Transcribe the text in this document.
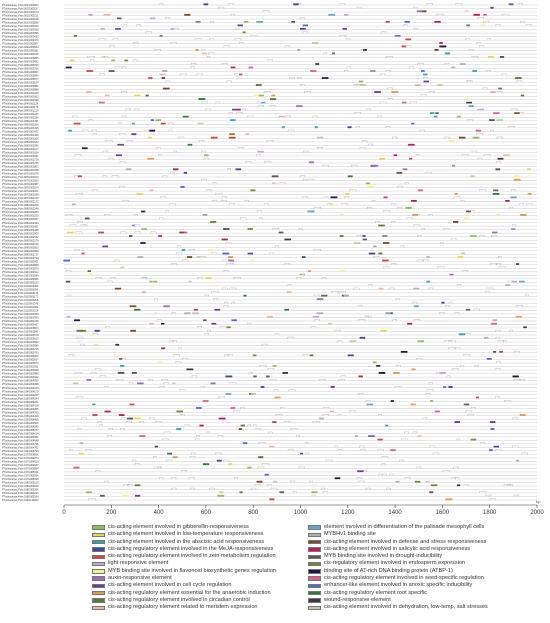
PTrichocarpa_Potri.001G000100
PTrichocarpa_Potri.001G000137
PTrichocarpa_Potri.001G000174
PTrichocarpa_Potri.001G000211
PTrichocarpa_Potri.001G000248
PTrichocarpa_Potri.001G000285
PTrichocarpa_Potri.001G000322
PTrichocarpa_Potri.001G000359
PTrichocarpa_Potri.002G000396
PTrichocarpa_Potri.002G000433
PTrichocarpa_Potri.002G000470
PTrichocarpa_Potri.002G000507
PTrichocarpa_Potri.002G000544
PTrichocarpa_Potri.002G000581
PTrichocarpa_Potri.002G000618
PTrichocarpa_Potri.002G000655
PTrichocarpa_Potri.003G000692
PTrichocarpa_Potri.003G000729
PTrichocarpa_Potri.003G000766
PTrichocarpa_Potri.003G000803
PTrichocarpa_Potri.003G000840
PTrichocarpa_Potri.003G000877
PTrichocarpa_Potri.003G000914
PTrichocarpa_Potri.003G000951
PTrichocarpa_Potri.004G000988
PTrichocarpa_Potri.004G001025
PTrichocarpa_Potri.004G001062
PTrichocarpa_Potri.004G001099
PTrichocarpa_Potri.004G001136
PTrichocarpa_Potri.004G001173
PTrichocarpa_Potri.004G001210
PTrichocarpa_Potri.004G001247
PTrichocarpa_Potri.005G001284
PTrichocarpa_Potri.005G001321
PTrichocarpa_Potri.005G001358
PTrichocarpa_Potri.005G001395
PTrichocarpa_Potri.005G001432
PTrichocarpa_Potri.005G001469
PTrichocarpa_Potri.005G001506
PTrichocarpa_Potri.005G001543
PTrichocarpa_Potri.006G001580
PTrichocarpa_Potri.006G001617
PTrichocarpa_Potri.006G001654
PTrichocarpa_Potri.006G001691
PTrichocarpa_Potri.006G001728
PTrichocarpa_Potri.006G001765
PTrichocarpa_Potri.006G001802
PTrichocarpa_Potri.006G001839
PTrichocarpa_Potri.007G001876
PTrichocarpa_Potri.007G001913
PTrichocarpa_Potri.007G001950
PTrichocarpa_Potri.007G001987
PTrichocarpa_Potri.007G002024
PTrichocarpa_Potri.007G002061
PTrichocarpa_Potri.007G002098
PTrichocarpa_Potri.007G002135
PTrichocarpa_Potri.008G002172
PTrichocarpa_Potri.008G002209
PTrichocarpa_Potri.008G002246
PTrichocarpa_Potri.008G002283
PTrichocarpa_Potri.008G002320
PTrichocarpa_Potri.008G002357
PTrichocarpa_Potri.008G002394
PTrichocarpa_Potri.008G002431
PTrichocarpa_Potri.009G002468
PTrichocarpa_Potri.009G002505
PTrichocarpa_Potri.009G002542
PTrichocarpa_Potri.009G002579
PTrichocarpa_Potri.009G002616
PTrichocarpa_Potri.009G002653
PTrichocarpa_Potri.009G002690
PTrichocarpa_Potri.009G002727
PTrichocarpa_Potri.010G002764
PTrichocarpa_Potri.010G002801
PTrichocarpa_Potri.010G002838
PTrichocarpa_Potri.010G002875
PTrichocarpa_Potri.010G002912
PTrichocarpa_Potri.010G002949
PTrichocarpa_Potri.010G002986
PTrichocarpa_Potri.010G003023
PTrichocarpa_Potri.011G003060
PTrichocarpa_Potri.011G003097
PTrichocarpa_Potri.011G003134
PTrichocarpa_Potri.011G003171
PTrichocarpa_Potri.011G003208
PTrichocarpa_Potri.011G003245
PTrichocarpa_Potri.011G003282
PTrichocarpa_Potri.011G003319
PTrichocarpa_Potri.012G003356
PTrichocarpa_Potri.012G003393
PTrichocarpa_Potri.012G003430
PTrichocarpa_Potri.012G003467
PTrichocarpa_Potri.012G003504
PTrichocarpa_Potri.012G003541
PTrichocarpa_Potri.012G003578
PTrichocarpa_Potri.012G003615
PTrichocarpa_Potri.013G003652
PTrichocarpa_Potri.013G003689
PTrichocarpa_Potri.013G003726
PTrichocarpa_Potri.013G003763
PTrichocarpa_Potri.013G003800
PTrichocarpa_Potri.013G003837
PTrichocarpa_Potri.013G003874
PTrichocarpa_Potri.013G003911
PTrichocarpa_Potri.014G003948
PTrichocarpa_Potri.014G003985
PTrichocarpa_Potri.014G004022
PTrichocarpa_Potri.014G004059
PTrichocarpa_Potri.014G004096
PTrichocarpa_Potri.014G004133
PTrichocarpa_Potri.014G004170
PTrichocarpa_Potri.014G004207
PTrichocarpa_Potri.015G004244
PTrichocarpa_Potri.015G004281
PTrichocarpa_Potri.015G004318
PTrichocarpa_Potri.015G004355
PTrichocarpa_Potri.015G004392
PTrichocarpa_Potri.015G004429
PTrichocarpa_Potri.015G004466
PTrichocarpa_Potri.015G004503
PTrichocarpa_Potri.016G004540
PTrichocarpa_Potri.016G004577
PTrichocarpa_Potri.016G004614
PTrichocarpa_Potri.016G004651
PTrichocarpa_Potri.016G004688
PTrichocarpa_Potri.016G004725
PTrichocarpa_Potri.016G004762
PTrichocarpa_Potri.016G004799
PTrichocarpa_Potri.017G004836
PTrichocarpa_Potri.017G004873
PTrichocarpa_Potri.017G004910
PTrichocarpa_Potri.017G004947
PTrichocarpa_Potri.017G004984
PTrichocarpa_Potri.017G005021
PTrichocarpa_Potri.017G005058
PTrichocarpa_Potri.017G005095
PTrichocarpa_Potri.018G005132
PTrichocarpa_Potri.018G005169
PTrichocarpa_Potri.018G005206
PTrichocarpa_Potri.018G005243
PTrichocarpa_Potri.018G005280
PTrichocarpa_Potri.019G132800
0	200	400	600	800	1000	1200	1400	1600	1800	2000
bp
cis-acting element involved in gibberellin-responsiveness
cis-acting element involved in low-temperature responsiveness
cis-acting element involved in the abscisic acid responsiveness
cis-acting regulatory element involved in the MeJA-responsiveness
cis-acting regulatory element involved in zein metabolism regulation
light responsive element
MYB binding site involved in flavonoid biosynthetic genes regulation
auxin-responsive element
cis-acting element involved in cell cycle regulation
cis-acting regulatory element essential for the anaerobic induction
cis-acting regulatory element involved in circadian control
cis-acting regulatory element related to meristem expression
element involved in differentiation of the palisade mesophyll cells
MYBHv1 binding site
cis-acting element involved in defense and stress responsiveness
cis-acting element involved in salicylic acid responsiveness
MYB binding site involved in drought-inducibility
cis-regulatory element involved in endosperm expression
binding site of AT-rich DNA binding protein (ATBP-1)
cis-acting regulatory element involved in seed-specific regulation
enhancer-like element involved in anoxic specific inducibility
cis-acting regulatory element root specific
wound-responsive element
cis-acting element involved in dehydration, low-temp, salt stresses
